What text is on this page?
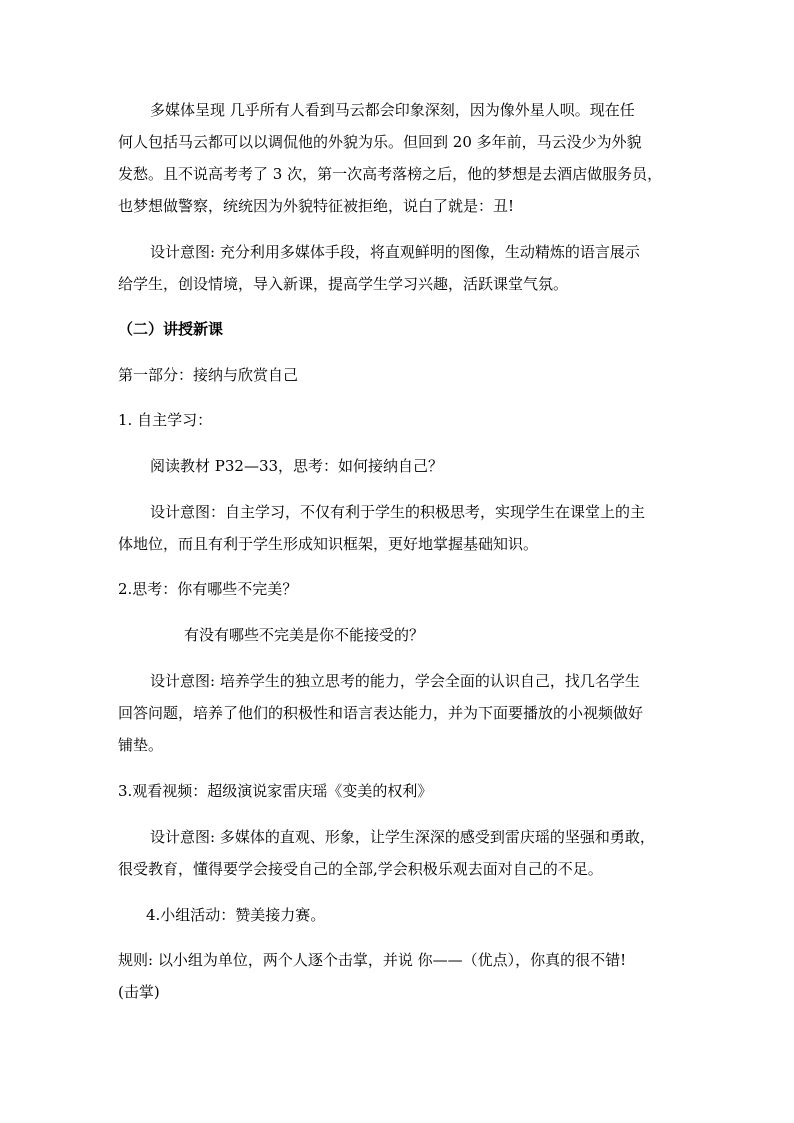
多媒体呈现 几乎所有人看到马云都会印象深刻，因为像外星人呗。现在任
何人包括马云都可以以调侃他的外貌为乐。但回到 20 多年前，马云没少为外貌
发愁。且不说高考考了 3 次，第一次高考落榜之后，他的梦想是去酒店做服务员，
也梦想做警察，统统因为外貌特征被拒绝，说白了就是：丑!
设计意图: 充分利用多媒体手段，将直观鲜明的图像，生动精炼的语言展示
给学生，创设情境，导入新课，提高学生学习兴趣，活跃课堂气氛。
（二）讲授新课
第一部分：接纳与欣赏自己
1. 自主学习：
阅读教材 P32—33，思考：如何接纳自己？
设计意图：自主学习，不仅有利于学生的积极思考，实现学生在课堂上的主
体地位，而且有利于学生形成知识框架，更好地掌握基础知识。
2.思考：你有哪些不完美？
有没有哪些不完美是你不能接受的？
设计意图: 培养学生的独立思考的能力，学会全面的认识自己，找几名学生
回答问题，培养了他们的积极性和语言表达能力，并为下面要播放的小视频做好
铺垫。
3.观看视频：超级演说家雷庆瑶《变美的权利》
设计意图: 多媒体的直观、形象，让学生深深的感受到雷庆瑶的坚强和勇敢，
很受教育，懂得要学会接受自己的全部,学会积极乐观去面对自己的不足。
4.小组活动：赞美接力赛。
规则: 以小组为单位，两个人逐个击掌，并说 你——（优点），你真的很不错!
(击掌)
